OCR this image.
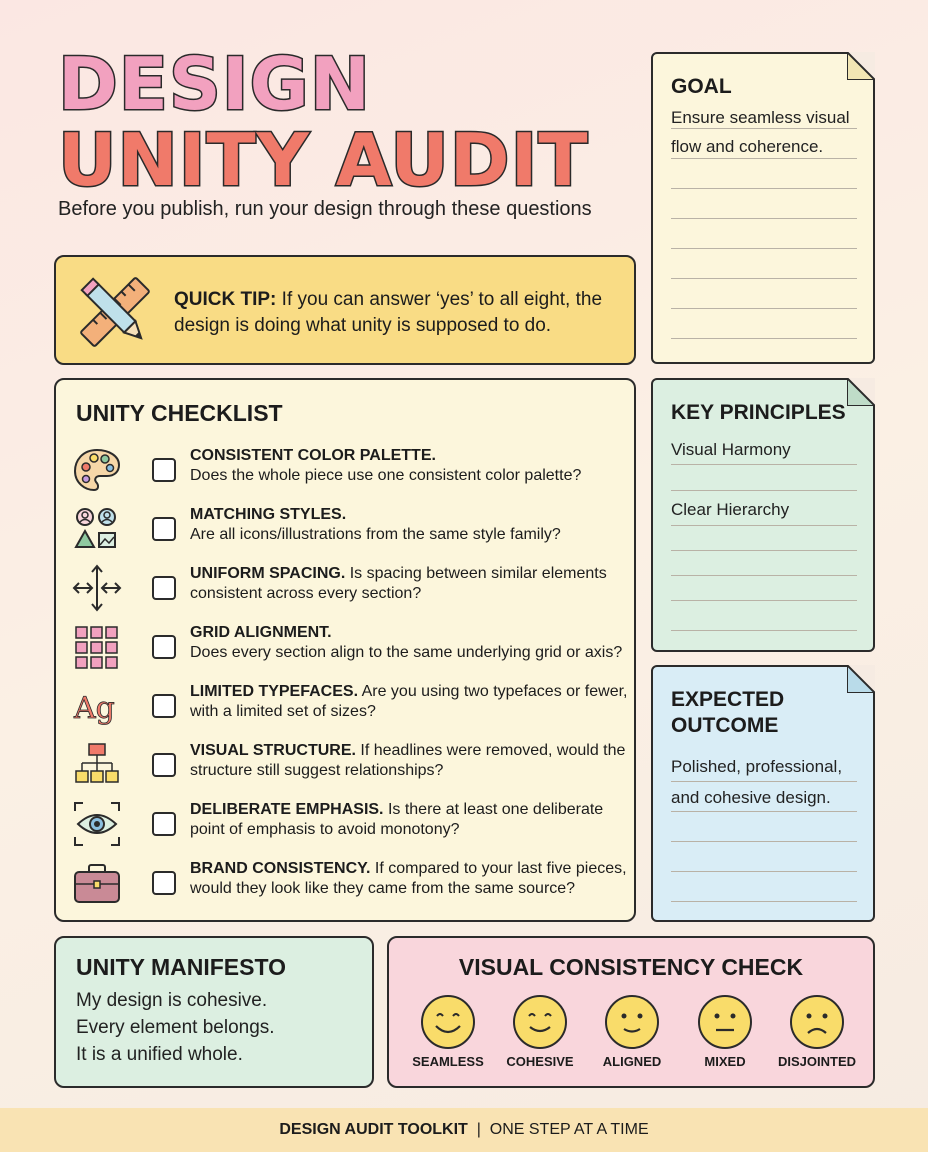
DESIGN
UNITY AUDIT
Before you publish, run your design through these questions
QUICK TIP: If you can answer ‘yes’ to all eight, the design is doing what unity is supposed to do.
UNITY CHECKLIST
CONSISTENT COLOR PALETTE.
Does the whole piece use one consistent color palette?
MATCHING STYLES.
Are all icons/illustrations from the same style family?
UNIFORM SPACING. Is spacing between similar elements consistent across every section?
GRID ALIGNMENT.
Does every section align to the same underlying grid or axis?
Ag	LIMITED TYPEFACES. Are you using two typefaces or fewer, with a limited set of sizes?
VISUAL STRUCTURE. If headlines were removed, would the structure still suggest relationships?
DELIBERATE EMPHASIS. Is there at least one deliberate point of emphasis to avoid monotony?
BRAND CONSISTENCY. If compared to your last five pieces, would they look like they came from the same source?
GOAL
Ensure seamless visual
flow and coherence.
KEY PRINCIPLES
Visual Harmony
Clear Hierarchy
EXPECTED
OUTCOME
Polished, professional,
and cohesive design.
UNITY MANIFESTO
My design is cohesive.
Every element belongs.
It is a unified whole.
VISUAL CONSISTENCY CHECK
SEAMLESS	COHESIVE	ALIGNED	MIXED	DISJOINTED
DESIGN AUDIT TOOLKIT | ONE STEP AT A TIME
